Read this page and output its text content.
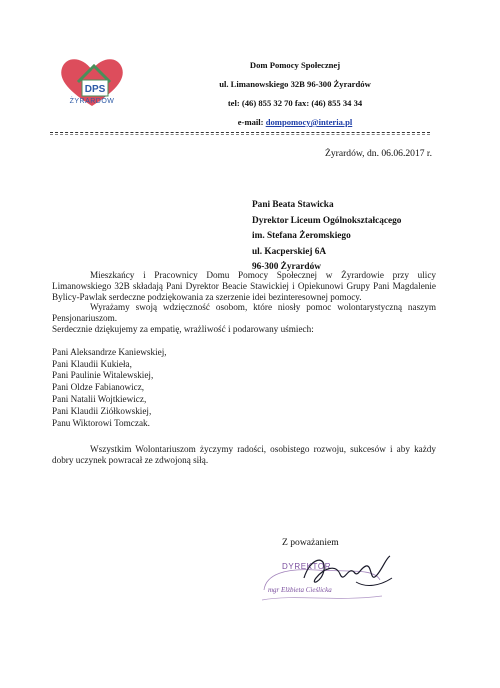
DPS
ŻYRARDÓW
Dom Pomocy Społecznej
ul. Limanowskiego 32B 96-300 Żyrardów
tel: (46) 855 32 70 fax: (46) 855 34 34
e-mail: dompomocy@interia.pl
Żyrardów, dn. 06.06.2017 r.
Pani Beata Stawicka
Dyrektor Liceum Ogólnokształcącego
im. Stefana Żeromskiego
ul. Kacperskiej 6A
96-300 Żyrardów

Mieszkańcy i Pracownicy Domu Pomocy Społecznej w Żyrardowie przy ulicy Limanowskiego 32B składają Pani Dyrektor Beacie Stawickiej i Opiekunowi Grupy Pani Magdalenie Bylicy-Pawlak serdeczne podziękowania za szerzenie idei bezinteresownej pomocy.

Wyrażamy swoją wdzięczność osobom, które niosły pomoc wolontarystyczną naszym Pensjonariuszom.

Serdecznie dziękujemy za empatię, wrażliwość i podarowany uśmiech:

Pani Aleksandrze Kaniewskiej,
Pani Klaudii Kukieła,
Pani Paulinie Witalewskiej,
Pani Oldze Fabianowicz,
Pani Natalii Wojtkiewicz,
Pani Klaudii Ziółkowskiej,
Panu Wiktorowi Tomczak.

Wszystkim Wolontariuszom życzymy radości, osobistego rozwoju, sukcesów i aby każdy dobry uczynek powracał ze zdwojoną siłą.

Z poważaniem
DYREKTOR
mgr Elżbieta Cieślicka
